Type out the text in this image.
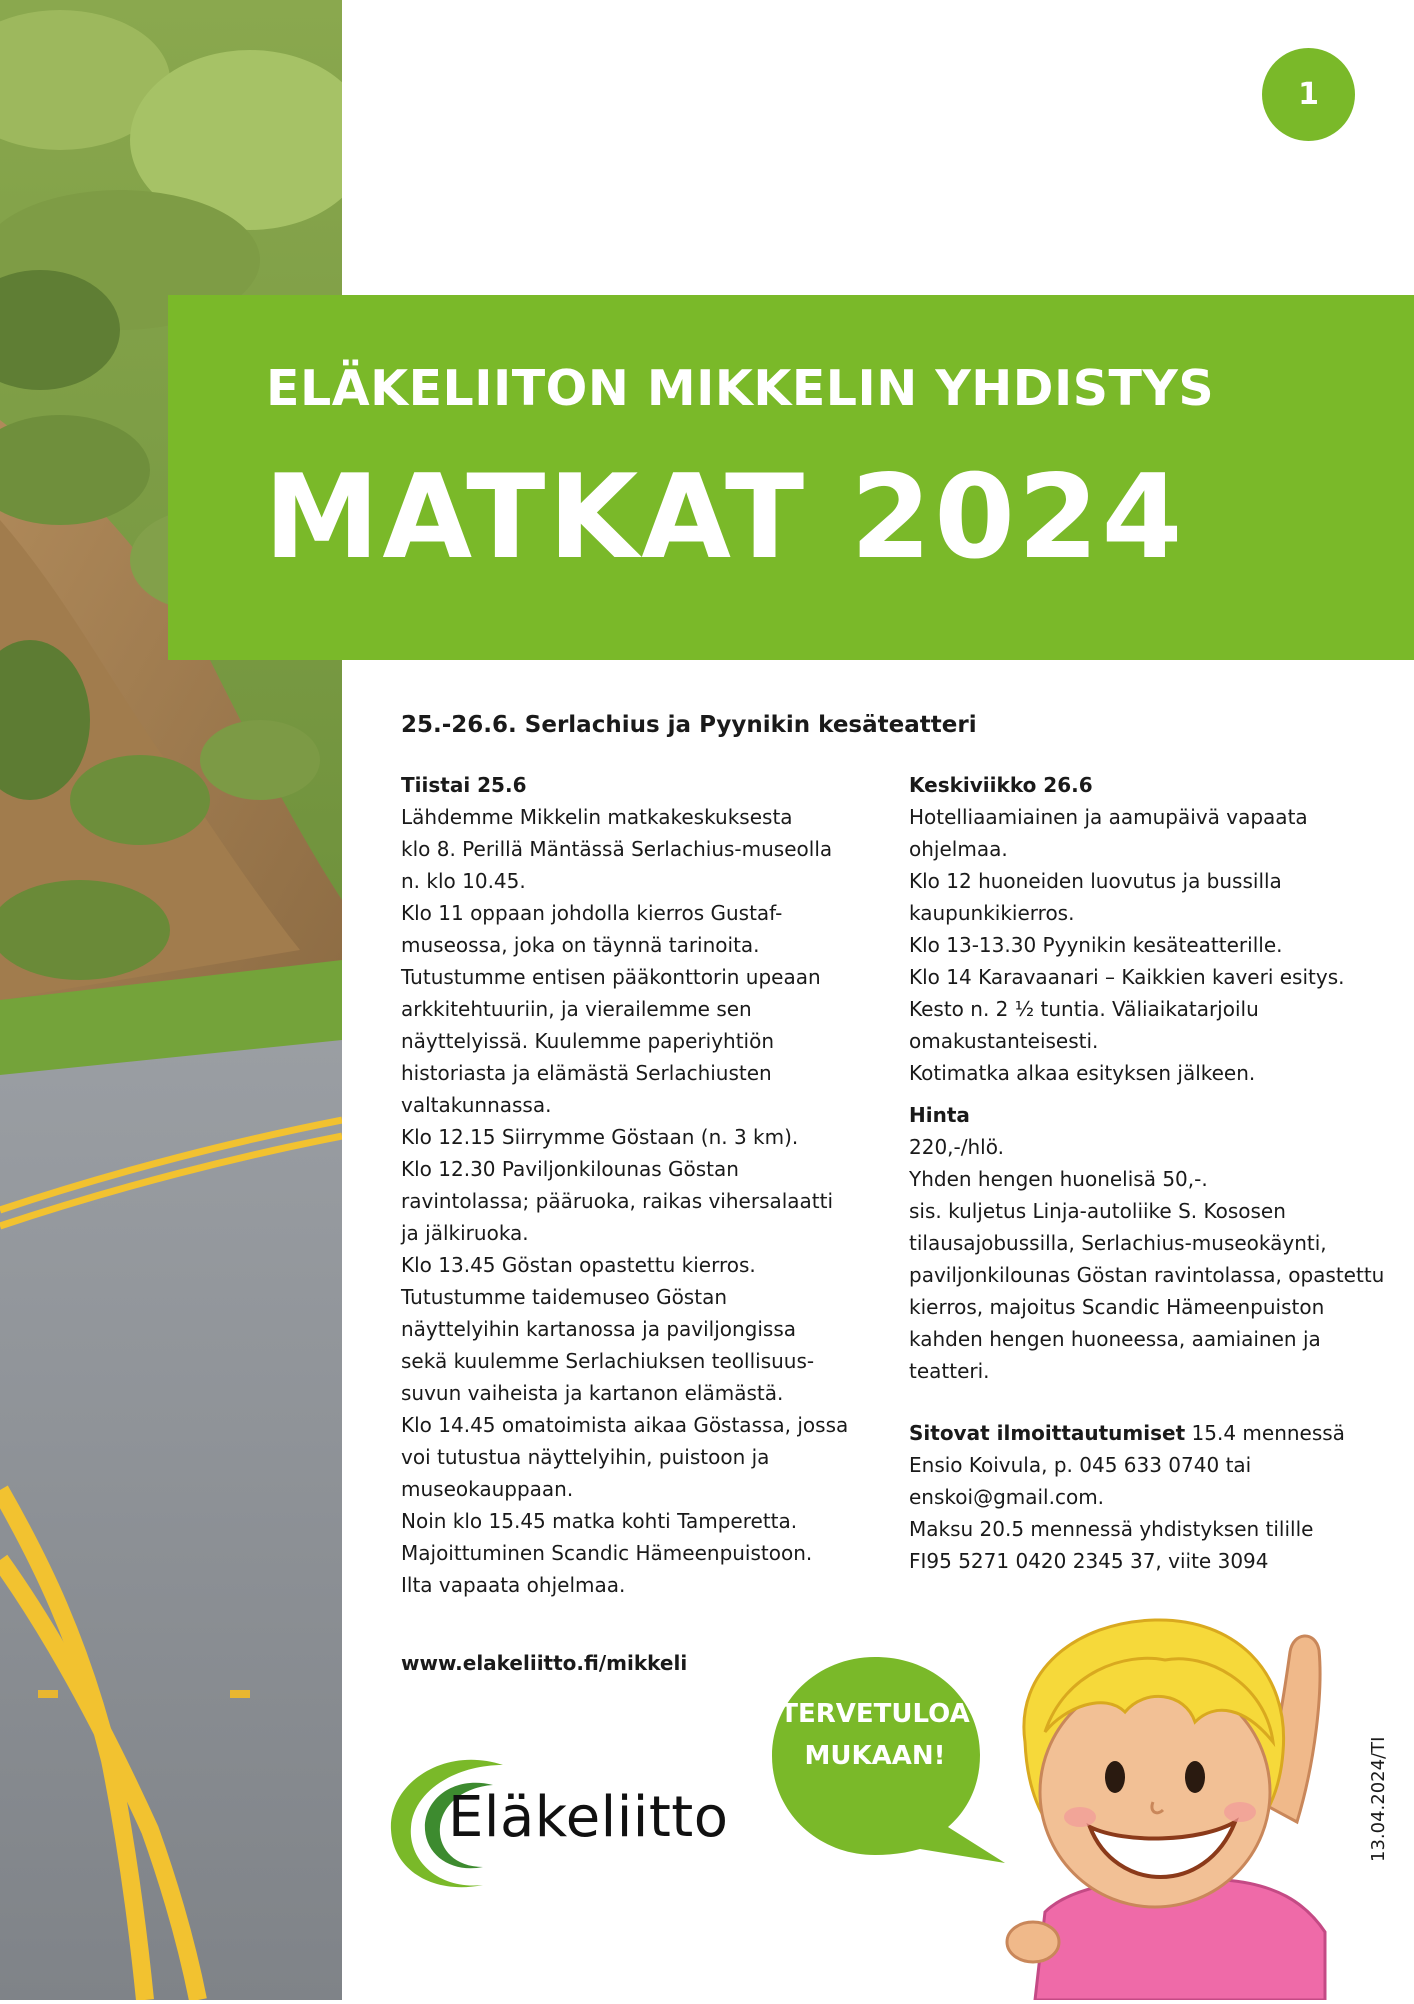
1
ELÄKELIITON MIKKELIN YHDISTYS
MATKAT 2024
25.-26.6. Serlachius ja Pyynikin kesäteatteri

Tiistai 25.6

Lähdemme Mikkelin matkakeskuksesta

klo 8. Perillä Mäntässä Serlachius-museolla

n. klo 10.45.

Klo 11 oppaan johdolla kierros Gustaf-

museossa, joka on täynnä tarinoita.

Tutustumme entisen pääkonttorin upeaan

arkkitehtuuriin, ja vierailemme sen

näyttelyissä. Kuulemme paperiyhtiön

historiasta ja elämästä Serlachiusten

valtakunnassa.

Klo 12.15 Siirrymme Göstaan (n. 3 km).

Klo 12.30 Paviljonkilounas Göstan

ravintolassa; pääruoka, raikas vihersalaatti

ja jälkiruoka.

Klo 13.45 Göstan opastettu kierros.

Tutustumme taidemuseo Göstan

näyttelyihin kartanossa ja paviljongissa

sekä kuulemme Serlachiuksen teollisuus-

suvun vaiheista ja kartanon elämästä.

Klo 14.45 omatoimista aikaa Göstassa, jossa

voi tutustua näyttelyihin, puistoon ja

museokauppaan.

Noin klo 15.45 matka kohti Tamperetta.

Majoittuminen Scandic Hämeenpuistoon.

Ilta vapaata ohjelmaa.

Keskiviikko 26.6

Hotelliaamiainen ja aamupäivä vapaata

ohjelmaa.

Klo 12 huoneiden luovutus ja bussilla

kaupunkikierros.

Klo 13-13.30 Pyynikin kesäteatterille.

Klo 14 Karavaanari – Kaikkien kaveri esitys.

Kesto n. 2 ½ tuntia. Väliaikatarjoilu

omakustanteisesti.

Kotimatka alkaa esityksen jälkeen.

Hinta

220,-/hlö.

Yhden hengen huonelisä 50,-.

sis. kuljetus Linja-autoliike S. Kososen

tilausajobussilla, Serlachius-museokäynti,

paviljonkilounas Göstan ravintolassa, opastettu

kierros, majoitus Scandic Hämeenpuiston

kahden hengen huoneessa, aamiainen ja

teatteri.

Sitovat ilmoittautumiset 15.4 mennessä

Ensio Koivula, p. 045 633 0740 tai

enskoi@gmail.com.

Maksu 20.5 mennessä yhdistyksen tilille

FI95 5271 0420 2345 37, viite 3094

www.elakeliitto.fi/mikkeli
Eläkeliitto
TERVETULOA
MUKAAN!	13.04.2024/TI
